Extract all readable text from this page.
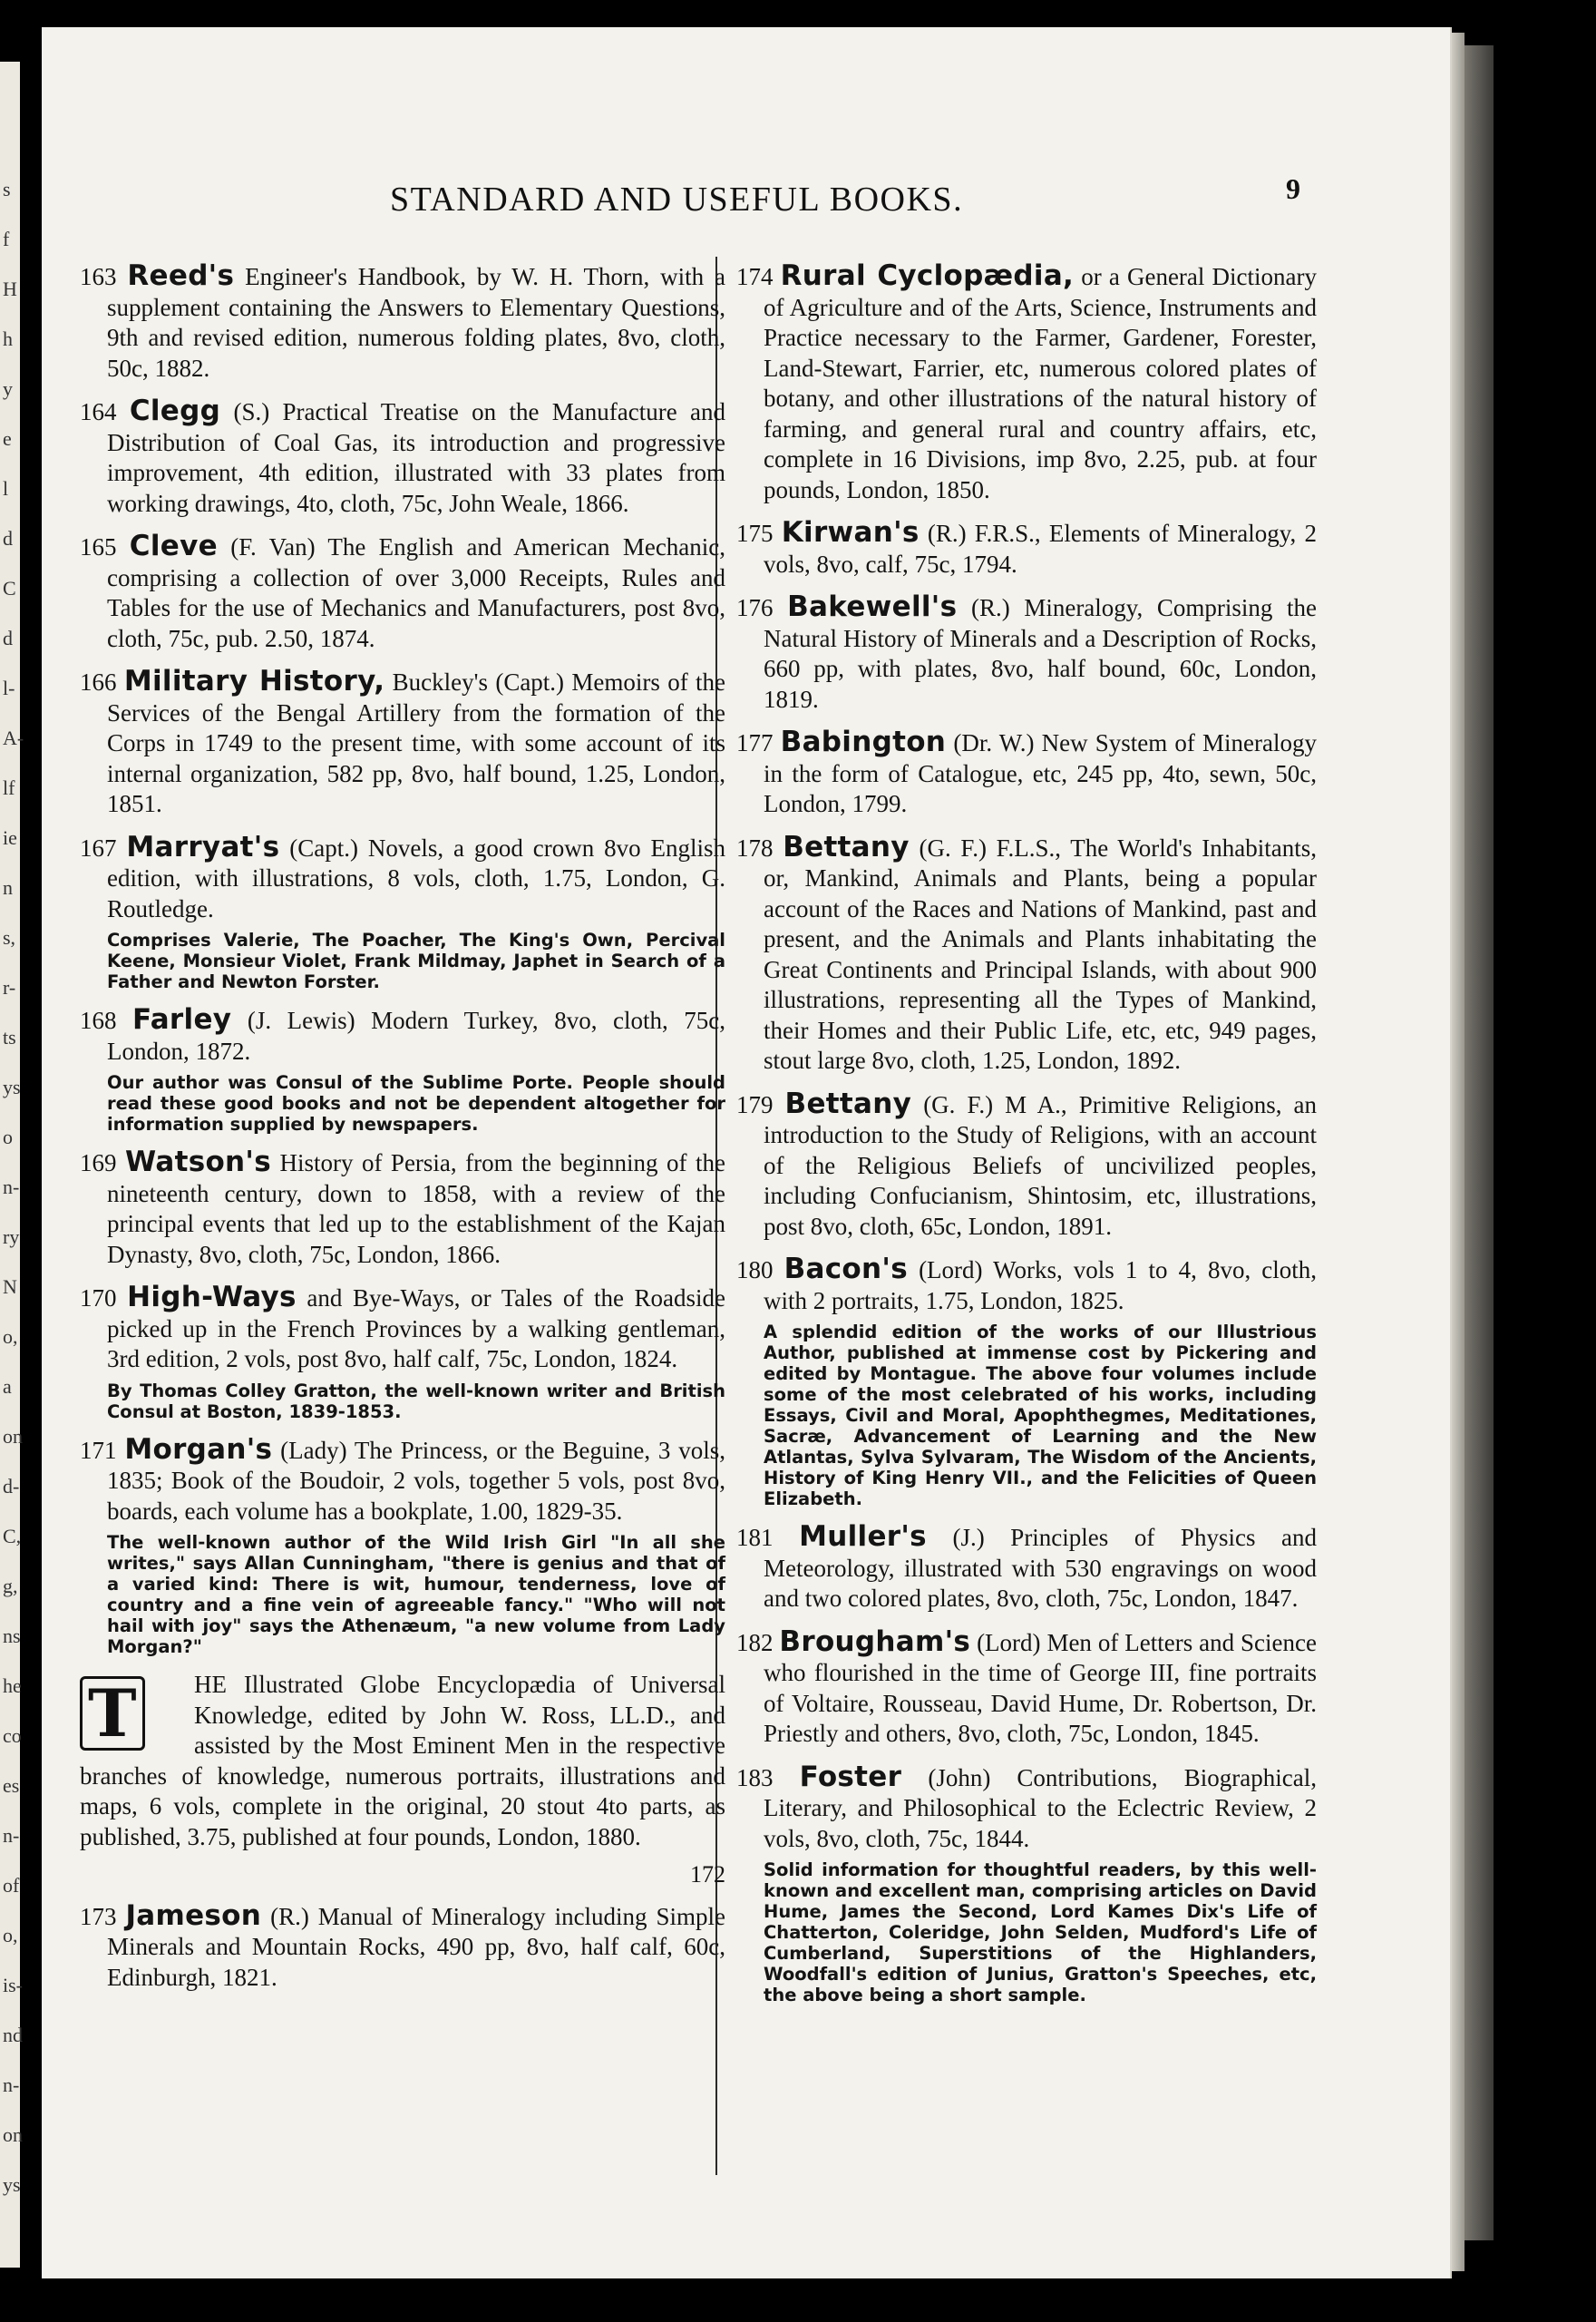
s
f
H
h
y
e
l
d
C
d
l-
A-
lf
ie
n
s,
r-
ts
ys
o
n-
ry
N
o,
a
on
d-
C,
g,
ns
he
co
es
n-
of
o,
is-
nd
n-
on
ys
STANDARD AND USEFUL BOOKS.	9
163 Reed's Engineer's Handbook, by W. H. Thorn, with a supplement containing the Answers to Elementary Questions, 9th and revised edition, numerous folding plates, 8vo, cloth, 50c, 1882.
164 Clegg (S.) Practical Treatise on the Manufacture and Distribution of Coal Gas, its introduction and progressive improvement, 4th edition, illustrated with 33 plates from working drawings, 4to, cloth, 75c, John Weale, 1866.
165 Cleve (F. Van) The English and American Mechanic, comprising a collection of over 3,000 Receipts, Rules and Tables for the use of Mechanics and Manufacturers, post 8vo, cloth, 75c, pub. 2.50, 1874.
166 Military History, Buckley's (Capt.) Memoirs of the Services of the Bengal Artillery from the formation of the Corps in 1749 to the present time, with some account of its internal organization, 582 pp, 8vo, half bound, 1.25, London, 1851.
167 Marryat's (Capt.) Novels, a good crown 8vo English edition, with illustrations, 8 vols, cloth, 1.75, London, G. Routledge.
Comprises Valerie, The Poacher, The King's Own, Percival Keene, Monsieur Violet, Frank Mildmay, Japhet in Search of a Father and Newton Forster.
168 Farley (J. Lewis) Modern Turkey, 8vo, cloth, 75c, London, 1872.
Our author was Consul of the Sublime Porte. People should read these good books and not be dependent altogether for information supplied by newspapers.
169 Watson's History of Persia, from the beginning of the nineteenth century, down to 1858, with a review of the principal events that led up to the establishment of the Kajan Dynasty, 8vo, cloth, 75c, London, 1866.
170 High-Ways and Bye-Ways, or Tales of the Roadside picked up in the French Provinces by a walking gentleman, 3rd edition, 2 vols, post 8vo, half calf, 75c, London, 1824.
By Thomas Colley Gratton, the well-known writer and British Consul at Boston, 1839-1853.
171 Morgan's (Lady) The Princess, or the Beguine, 3 vols, 1835; Book of the Boudoir, 2 vols, together 5 vols, post 8vo, boards, each volume has a bookplate, 1.00, 1829-35.
The well-known author of the Wild Irish Girl "In all she writes," says Allan Cunningham, "there is genius and that of a varied kind: There is wit, humour, tenderness, love of country and a fine vein of agreeable fancy." "Who will not hail with joy" says the Athenæum, "a new volume from Lady Morgan?"
T	HE Illustrated Globe Encyclopædia of Universal Knowledge, edited by John W. Ross, LL.D., and assisted by the Most Eminent Men in the respective branches of knowledge, numerous portraits, illustrations and maps, 6 vols, complete in the original, 20 stout 4to parts, as published, 3.75, published at four pounds, London, 1880.
172
173 Jameson (R.) Manual of Mineralogy including Simple Minerals and Mountain Rocks, 490 pp, 8vo, half calf, 60c, Edinburgh, 1821.
174 Rural Cyclopædia, or a General Dictionary of Agriculture and of the Arts, Science, Instruments and Practice necessary to the Farmer, Gardener, Forester, Land-Stewart, Farrier, etc, numerous colored plates of botany, and other illustrations of the natural history of farming, and general rural and country affairs, etc, complete in 16 Divisions, imp 8vo, 2.25, pub. at four pounds, London, 1850.
175 Kirwan's (R.) F.R.S., Elements of Mineralogy, 2 vols, 8vo, calf, 75c, 1794.
176 Bakewell's (R.) Mineralogy, Comprising the Natural History of Minerals and a Description of Rocks, 660 pp, with plates, 8vo, half bound, 60c, London, 1819.
177 Babington (Dr. W.) New System of Mineralogy in the form of Catalogue, etc, 245 pp, 4to, sewn, 50c, London, 1799.
178 Bettany (G. F.) F.L.S., The World's Inhabitants, or, Mankind, Animals and Plants, being a popular account of the Races and Nations of Mankind, past and present, and the Animals and Plants inhabitating the Great Continents and Principal Islands, with about 900 illustrations, representing all the Types of Mankind, their Homes and their Public Life, etc, etc, 949 pages, stout large 8vo, cloth, 1.25, London, 1892.
179 Bettany (G. F.) M A., Primitive Religions, an introduction to the Study of Religions, with an account of the Religious Beliefs of uncivilized peoples, including Confucianism, Shintosim, etc, illustrations, post 8vo, cloth, 65c, London, 1891.
180 Bacon's (Lord) Works, vols 1 to 4, 8vo, cloth, with 2 portraits, 1.75, London, 1825.
A splendid edition of the works of our Illustrious Author, published at immense cost by Pickering and edited by Montague. The above four volumes include some of the most celebrated of his works, including Essays, Civil and Moral, Apophthegmes, Meditationes, Sacræ, Advancement of Learning and the New Atlantas, Sylva Sylvaram, The Wisdom of the Ancients, History of King Henry VII., and the Felicities of Queen Elizabeth.
181 Muller's (J.) Principles of Physics and Meteorology, illustrated with 530 engravings on wood and two colored plates, 8vo, cloth, 75c, London, 1847.
182 Brougham's (Lord) Men of Letters and Science who flourished in the time of George III, fine portraits of Voltaire, Rousseau, David Hume, Dr. Robertson, Dr. Priestly and others, 8vo, cloth, 75c, London, 1845.
183 Foster (John) Contributions, Biographical, Literary, and Philosophical to the Eclectric Review, 2 vols, 8vo, cloth, 75c, 1844.
Solid information for thoughtful readers, by this well-known and excellent man, comprising articles on David Hume, James the Second, Lord Kames Dix's Life of Chatterton, Coleridge, John Selden, Mudford's Life of Cumberland, Superstitions of the Highlanders, Woodfall's edition of Junius, Gratton's Speeches, etc, the above being a short sample.
